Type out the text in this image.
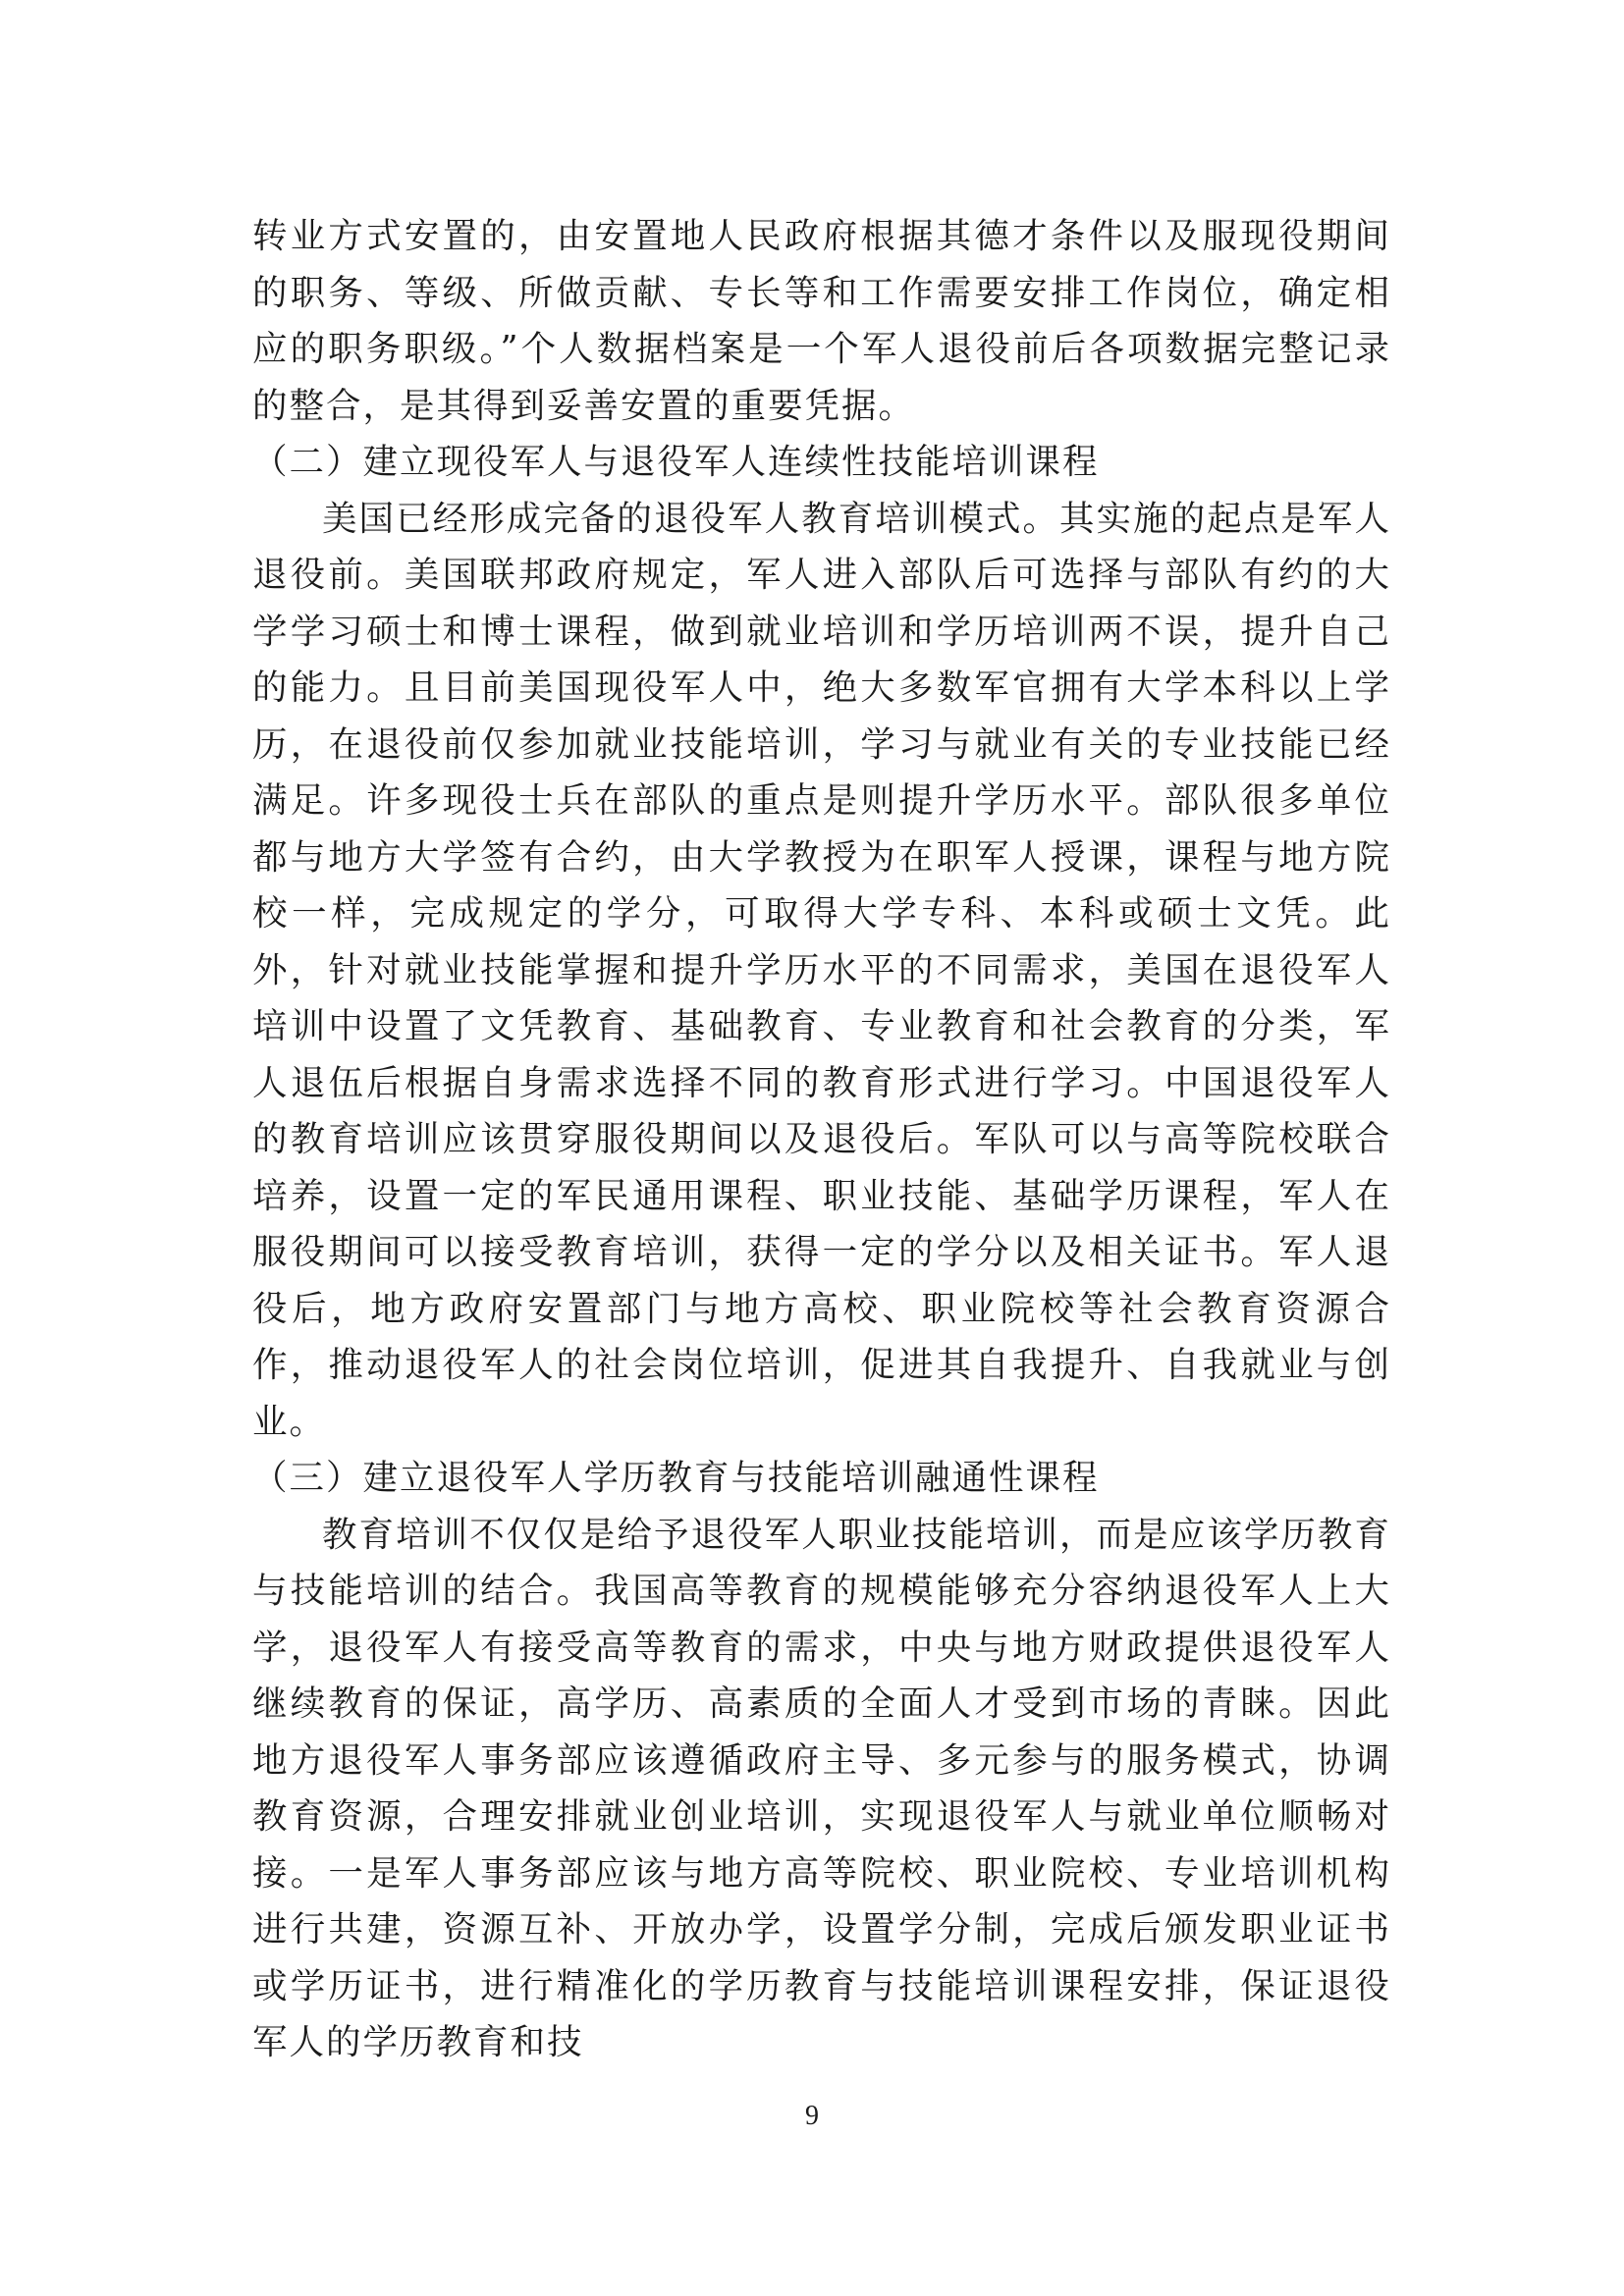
转业方式安置的，由安置地人民政府根据其德才条件以及服现役期间的职务、等级、所做贡献、专长等和工作需要安排工作岗位，确定相应的职务职级。”个人数据档案是一个军人退役前后各项数据完整记录的整合，是其得到妥善安置的重要凭据。

（二）建立现役军人与退役军人连续性技能培训课程

美国已经形成完备的退役军人教育培训模式。其实施的起点是军人退役前。美国联邦政府规定，军人进入部队后可选择与部队有约的大学学习硕士和博士课程，做到就业培训和学历培训两不误，提升自己的能力。且目前美国现役军人中，绝大多数军官拥有大学本科以上学历，在退役前仅参加就业技能培训，学习与就业有关的专业技能已经满足。许多现役士兵在部队的重点是则提升学历水平。部队很多单位都与地方大学签有合约，由大学教授为在职军人授课，课程与地方院校一样，完成规定的学分，可取得大学专科、本科或硕士文凭。此外，针对就业技能掌握和提升学历水平的不同需求，美国在退役军人培训中设置了文凭教育、基础教育、专业教育和社会教育的分类，军人退伍后根据自身需求选择不同的教育形式进行学习。中国退役军人的教育培训应该贯穿服役期间以及退役后。军队可以与高等院校联合培养，设置一定的军民通用课程、职业技能、基础学历课程，军人在服役期间可以接受教育培训，获得一定的学分以及相关证书。军人退役后，地方政府安置部门与地方高校、职业院校等社会教育资源合作，推动退役军人的社会岗位培训，促进其自我提升、自我就业与创业。

（三）建立退役军人学历教育与技能培训融通性课程

教育培训不仅仅是给予退役军人职业技能培训，而是应该学历教育与技能培训的结合。我国高等教育的规模能够充分容纳退役军人上大学，退役军人有接受高等教育的需求，中央与地方财政提供退役军人继续教育的保证，高学历、高素质的全面人才受到市场的青睐。因此地方退役军人事务部应该遵循政府主导、多元参与的服务模式，协调教育资源，合理安排就业创业培训，实现退役军人与就业单位顺畅对接。一是军人事务部应该与地方高等院校、职业院校、专业培训机构进行共建，资源互补、开放办学，设置学分制，完成后颁发职业证书或学历证书，进行精准化的学历教育与技能培训课程安排，保证退役军人的学历教育和技

9
